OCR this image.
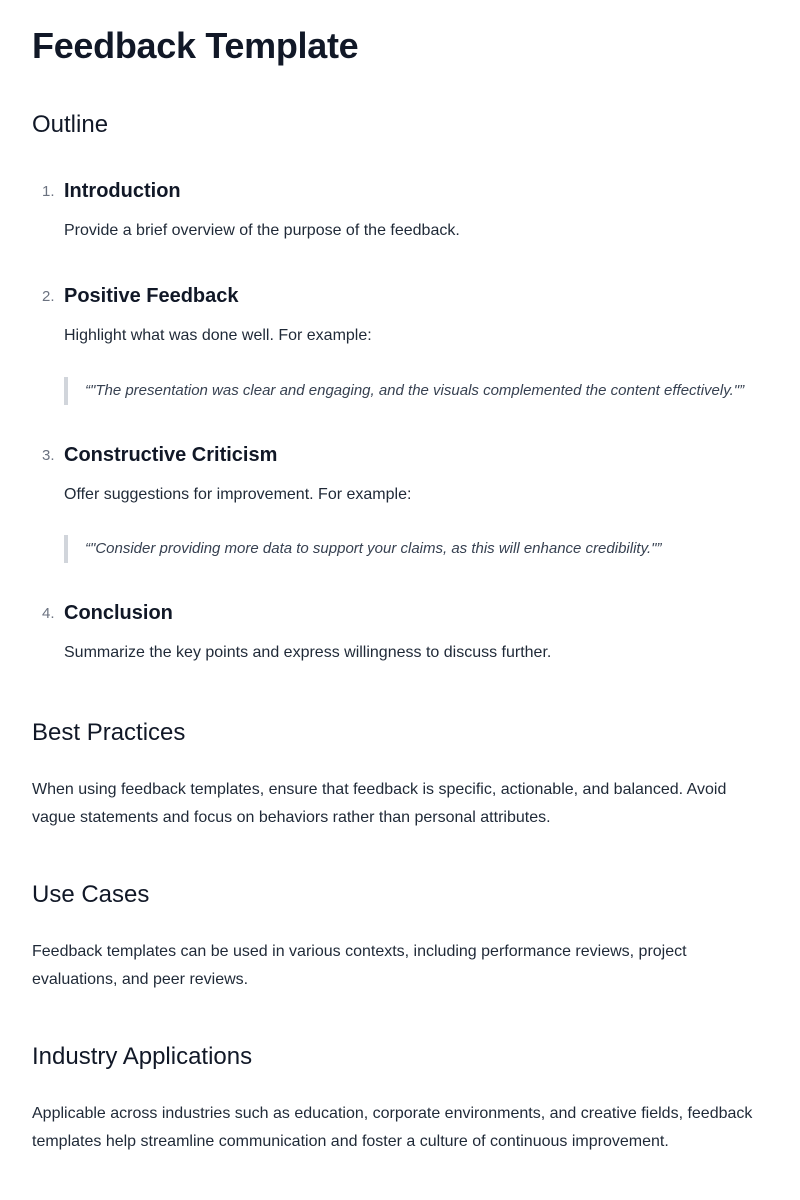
Feedback Template
Outline
1. Introduction

Provide a brief overview of the purpose of the feedback.

2. Positive Feedback

Highlight what was done well. For example:

“"The presentation was clear and engaging, and the visuals complemented the content effectively."”
3. Constructive Criticism

Offer suggestions for improvement. For example:

“"Consider providing more data to support your claims, as this will enhance credibility."”
4. Conclusion

Summarize the key points and express willingness to discuss further.

Best Practices

When using feedback templates, ensure that feedback is specific, actionable, and balanced. Avoid vague statements and focus on behaviors rather than personal attributes.

Use Cases

Feedback templates can be used in various contexts, including performance reviews, project evaluations, and peer reviews.

Industry Applications

Applicable across industries such as education, corporate environments, and creative fields, feedback templates help streamline communication and foster a culture of continuous improvement.
